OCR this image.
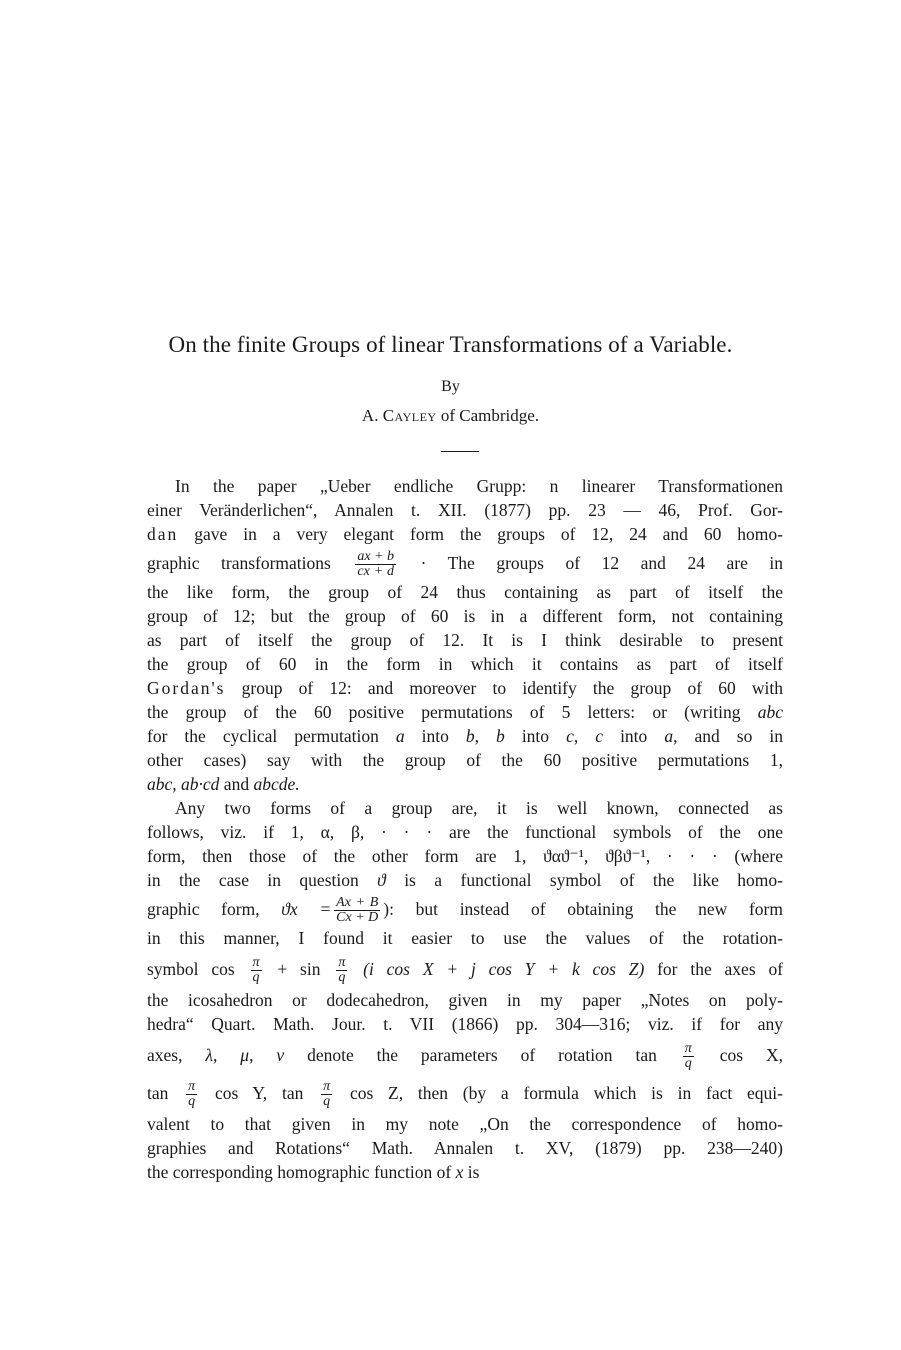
On the finite Groups of linear Transformations of a Variable.
By
A. Cayley of Cambridge.
In the paper „Ueber endliche Grupp: n linearer Transformationen
einer Veränderlichen“, Annalen t. XII. (1877) pp. 23 — 46, Prof. Gor-
dan gave in a very elegant form the groups of 12, 24 and 60 homo-
graphic transformations $\frac{ax + b}{cx + d}$ · The groups of 12 and 24 are in
the like form, the group of 24 thus containing as part of itself the
group of 12; but the group of 60 is in a different form, not containing
as part of itself the group of 12. It is I think desirable to present
the group of 60 in the form in which it contains as part of itself
Gordan's group of 12: and moreover to identify the group of 60 with
the group of the 60 positive permutations of 5 letters: or (writing abc
for the cyclical permutation a into b, b into c, c into a, and so in
other cases) say with the group of the 60 positive permutations 1,
abc, ab·cd and abcde.
Any two forms of a group are, it is well known, connected as
follows, viz. if 1, α, β, · · · are the functional symbols of the one
form, then those of the other form are 1, ϑαϑ⁻¹, ϑβϑ⁻¹, · · · (where
in the case in question ϑ is a functional symbol of the like homo-
graphic form, $ϑx = \frac{Ax + B}{Cx + D}$ ): but instead of obtaining the new form
in this manner, I found it easier to use the values of the rotation-
symbol $\cos \frac{\pi}{q} + \sin \frac{\pi}{q} (i$ cos X + j cos Y + k cos Z) for the axes of
the icosahedron or dodecahedron, given in my paper „Notes on poly-
hedra“ Quart. Math. Jour. t. VII (1866) pp. 304—316; viz. if for any
axes, λ, μ, ν denote the parameters of rotation $\tan \frac{\pi}{q}$ cos X,
$\tan \frac{\pi}{q}$ cos Y, $\tan \frac{\pi}{q}$ cos Z, then (by a formula which is in fact equi-
valent to that given in my note „On the correspondence of homo-
graphies and Rotations“ Math. Annalen t. XV, (1879) pp. 238—240)
the corresponding homographic function of x is
